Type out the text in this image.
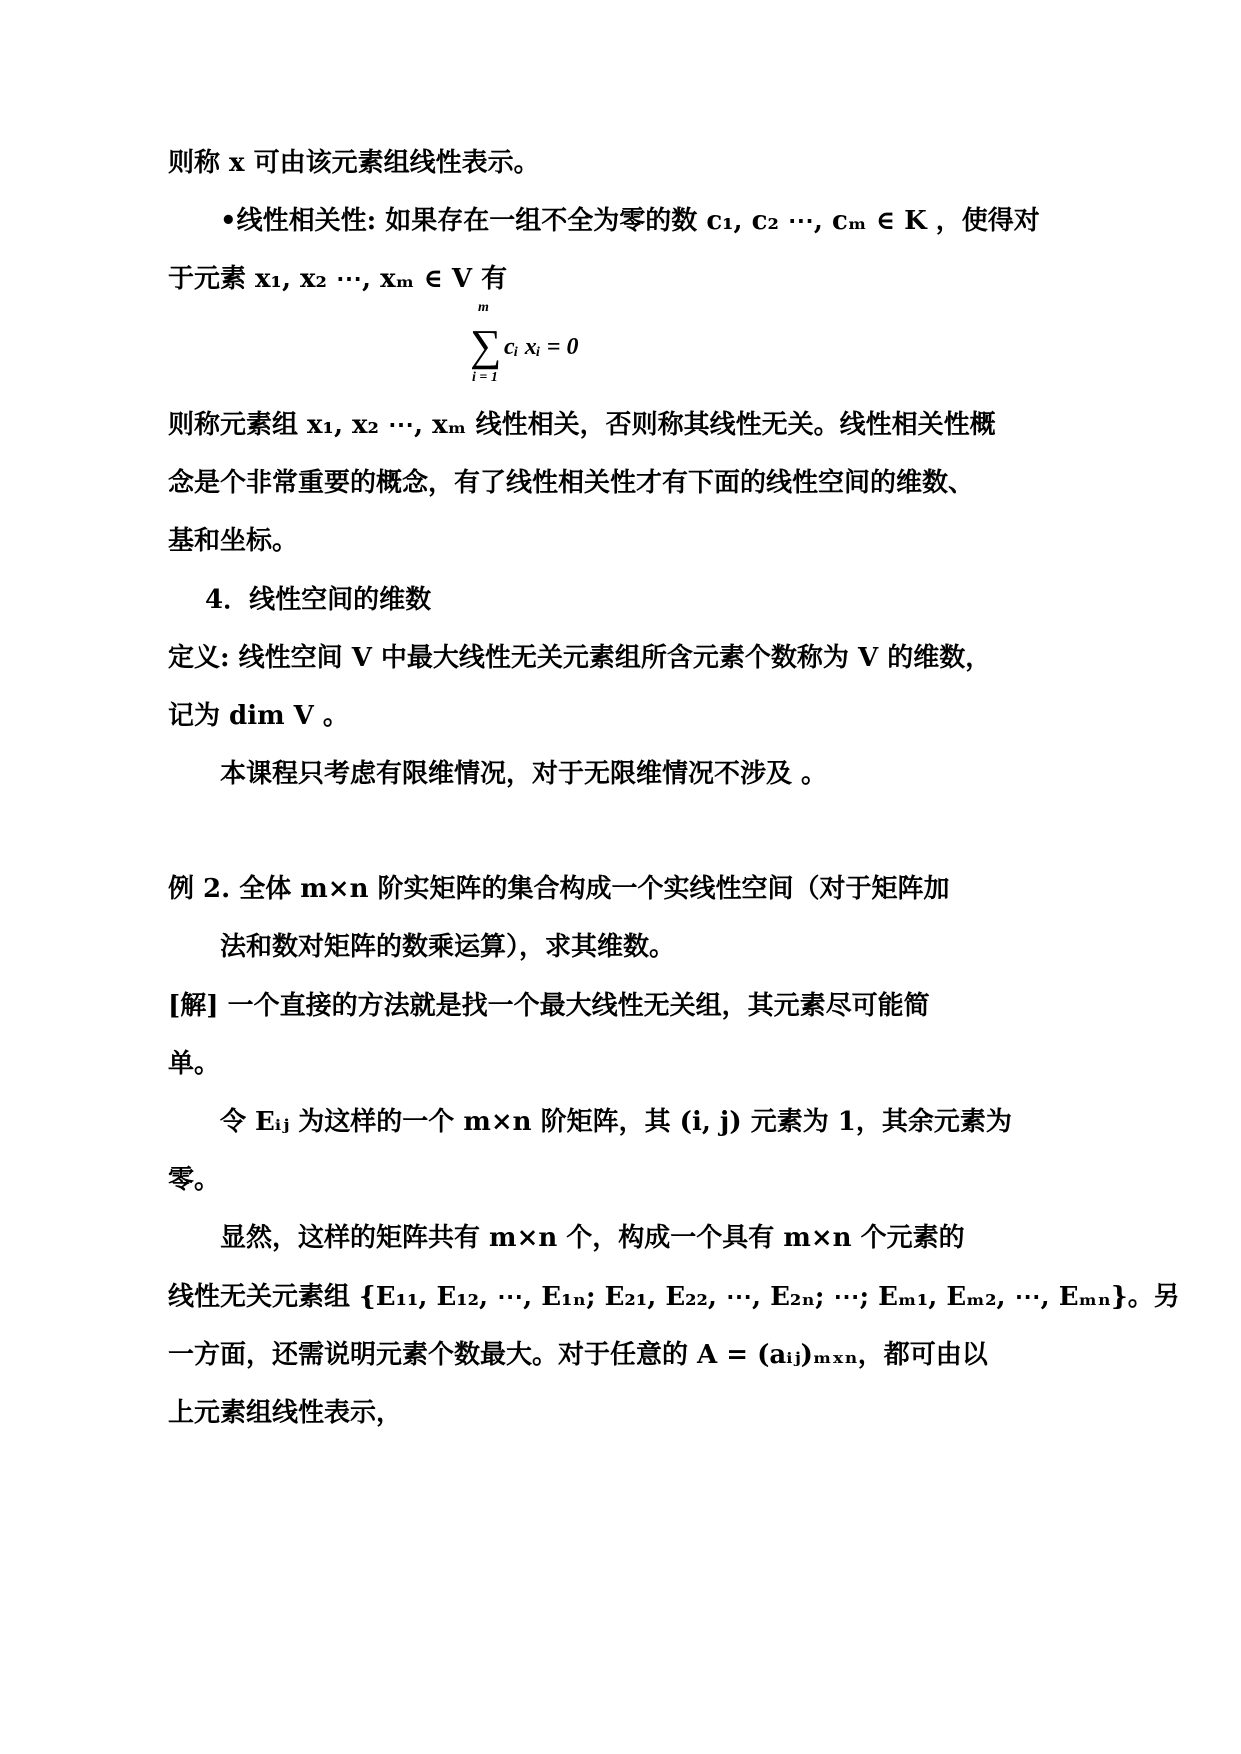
则称 x 可由该元素组线性表示。
•线性相关性: 如果存在一组不全为零的数 c₁, c₂ ⋯, cₘ ∈ K ，使得对
于元素 x₁, x₂ ⋯, xₘ ∈ V 有
∑
m
i = 1
cᵢ xᵢ = 0
则称元素组 x₁, x₂ ⋯, xₘ 线性相关，否则称其线性无关。线性相关性概
念是个非常重要的概念，有了线性相关性才有下面的线性空间的维数、
基和坐标。
4．线性空间的维数
定义: 线性空间 V 中最大线性无关元素组所含元素个数称为 V 的维数，
记为 dim V 。
本课程只考虑有限维情况，对于无限维情况不涉及 。
例 2. 全体 m×n 阶实矩阵的集合构成一个实线性空间（对于矩阵加
法和数对矩阵的数乘运算），求其维数。
[解] 一个直接的方法就是找一个最大线性无关组，其元素尽可能简
单。
令 Eᵢⱼ 为这样的一个 m×n 阶矩阵，其 (i, j) 元素为 1，其余元素为
零。
显然，这样的矩阵共有 m×n 个，构成一个具有 m×n 个元素的
线性无关元素组 {E₁₁, E₁₂, ⋯, E₁ₙ; E₂₁, E₂₂, ⋯, E₂ₙ; ⋯; Eₘ₁, Eₘ₂, ⋯, Eₘₙ}。另
一方面，还需说明元素个数最大。对于任意的 A = (aᵢⱼ)ₘₓₙ，都可由以
上元素组线性表示，
